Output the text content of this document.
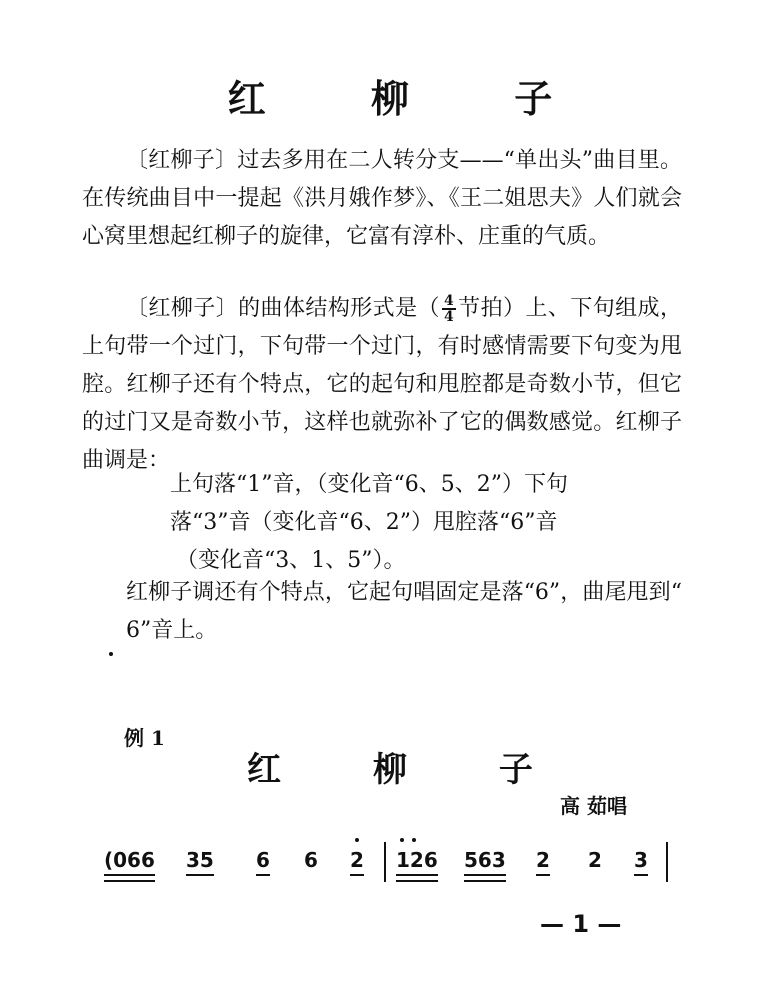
红 柳 子

〔红柳子〕过去多用在二人转分支——“单出头”曲目里。在传统曲目中一提起《洪月娥作梦》、《王二姐思夫》人们就会心窝里想起红柳子的旋律，它富有淳朴、庄重的气质。

〔红柳子〕的曲体结构形式是（ $\frac{4}{4}$ 节拍）上、下句组成，上句带一个过门，下句带一个过门，有时感情需要下句变为甩腔。红柳子还有个特点，它的起句和甩腔都是奇数小节，但它的过门又是奇数小节，这样也就弥补了它的偶数感觉。红柳子曲调是：

上句落“1”音，（变化音“6、5、2”）下句
落“3”音（变化音“6、2”）甩腔落“6”音
（变化音“3、1、5”）。

红柳子调还有个特点，它起句唱固定是落“6”，曲尾甩到“6”音上。

例 1

红 柳 子

高 茹唱

(066 35 6 6 2 126 563 2 2 3

— 1 —
